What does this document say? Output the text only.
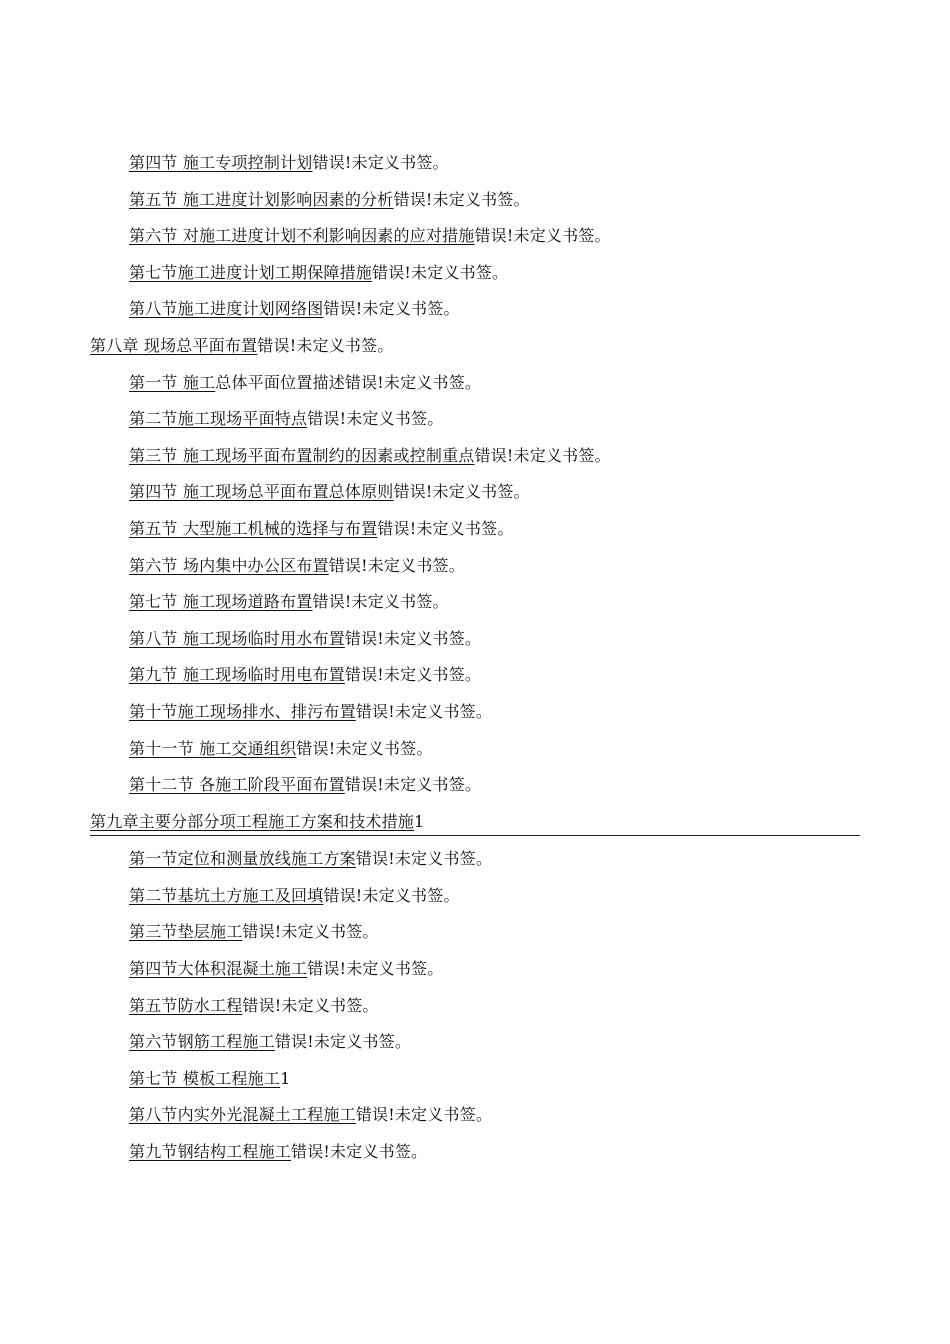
第四节 施工专项控制计划错误!未定义书签。
第五节 施工进度计划影响因素的分析错误!未定义书签。
第六节 对施工进度计划不利影响因素的应对措施错误!未定义书签。
第七节施工进度计划工期保障措施错误!未定义书签。
第八节施工进度计划网络图错误!未定义书签。
第八章 现场总平面布置错误!未定义书签。
第一节 施工总体平面位置描述错误!未定义书签。
第二节施工现场平面特点错误!未定义书签。
第三节 施工现场平面布置制约的因素或控制重点错误!未定义书签。
第四节 施工现场总平面布置总体原则错误!未定义书签。
第五节 大型施工机械的选择与布置错误!未定义书签。
第六节 场内集中办公区布置错误!未定义书签。
第七节 施工现场道路布置错误!未定义书签。
第八节 施工现场临时用水布置错误!未定义书签。
第九节 施工现场临时用电布置错误!未定义书签。
第十节施工现场排水、排污布置错误!未定义书签。
第十一节 施工交通组织错误!未定义书签。
第十二节 各施工阶段平面布置错误!未定义书签。
第九章主要分部分项工程施工方案和技术措施1
第一节定位和测量放线施工方案错误!未定义书签。
第二节基坑土方施工及回填错误!未定义书签。
第三节垫层施工错误!未定义书签。
第四节大体积混凝土施工错误!未定义书签。
第五节防水工程错误!未定义书签。
第六节钢筋工程施工错误!未定义书签。
第七节 模板工程施工1
第八节内实外光混凝土工程施工错误!未定义书签。
第九节钢结构工程施工错误!未定义书签。
